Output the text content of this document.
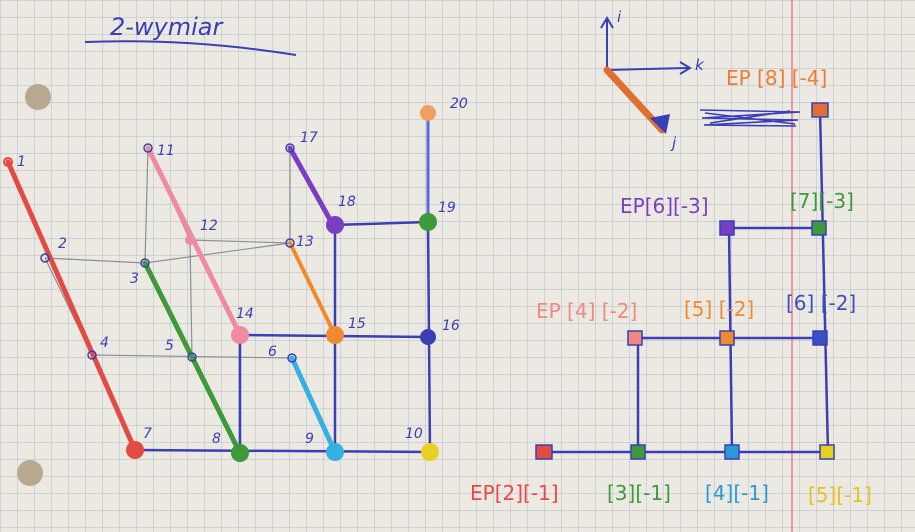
2-wymiar
1
2
3
4	5	6
7	8	9	10
11
12
13
14
15	16
17
18	19
20
i
k
j
EP [8] [-4]
EP[6][-3]	[7][-3]
EP [4] [-2] [5] [-2] [6] [-2]
EP[2][-1] [3][-1] [4][-1] [5][-1]
